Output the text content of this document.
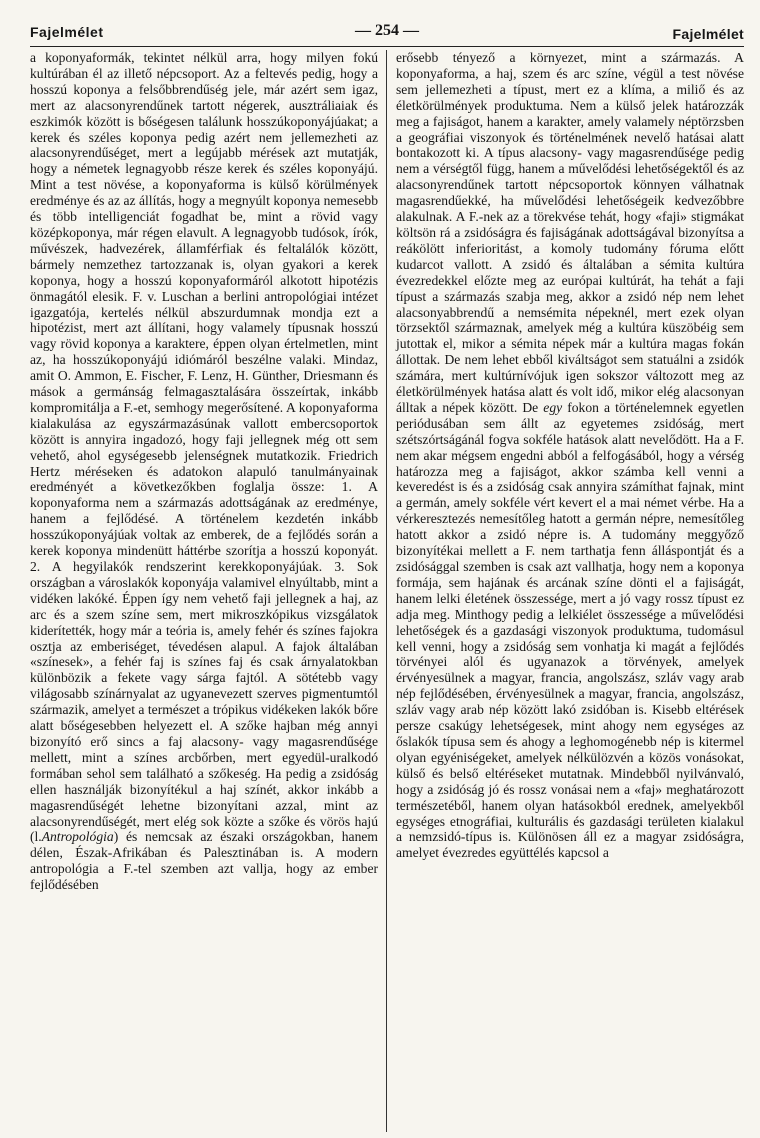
Fajelmélet	— 254 —	Fajelmélet

a koponyaformák, tekintet nélkül arra, hogy milyen fokú kultúrában él az illető népcsoport. Az a feltevés pedig, hogy a hosszú koponya a felsőbbrendűség jele, már azért sem igaz, mert az alacsonyrendűnek tartott négerek, ausztráliaiak és eszkimók között is bőségesen találunk hosszúkoponyájúakat; a kerek és széles koponya pedig azért nem jellemezheti az alacsonyrendűséget, mert a legújabb mérések azt mutatják, hogy a németek legnagyobb része kerek és széles koponyájú. Mint a test növése, a koponyaforma is külső körülmények eredménye és az az állítás, hogy a megnyúlt koponya nemesebb és több intelligenciát fogadhat be, mint a rövid vagy középkoponya, már régen elavult. A legnagyobb tudósok, írók, művészek, hadvezérek, államférfiak és feltalálók között, bármely nemzethez tartozzanak is, olyan gyakori a kerek koponya, hogy a hosszú koponyaformáról alkotott hipotézis önmagától elesik. F. v. Luschan a berlini antropológiai intézet igazgatója, kertelés nélkül abszurdumnak mondja ezt a hipotézist, mert azt állítani, hogy valamely típusnak hosszú vagy rövid koponya a karaktere, éppen olyan értelmetlen, mint az, ha hosszúkoponyájú idiómáról beszélne valaki. Mindaz, amit O. Ammon, E. Fischer, F. Lenz, H. Günther, Driesmann és mások a germánság felmagasztalására összeírtak, inkább kompromitálja a F.-et, semhogy megerősítené. A koponyaforma kialakulása az egyszármazásúnak vallott embercsoportok között is annyira ingadozó, hogy faji jellegnek még ott sem vehető, ahol egységesebb jelenségnek mutatkozik. Friedrich Hertz méréseken és adatokon alapuló tanulmányainak eredményét a következőkben foglalja össze: 1. A koponyaforma nem a származás adottságának az eredménye, hanem a fejlődésé. A történelem kezdetén inkább hosszúkoponyájúak voltak az emberek, de a fejlődés során a kerek koponya mindenütt háttérbe szorítja a hosszú koponyát. 2. A hegyilakók rendszerint kerekkoponyájúak. 3. Sok országban a városlakók koponyája valamivel elnyúltabb, mint a vidéken lakóké. Éppen így nem vehető faji jellegnek a haj, az arc és a szem színe sem, mert mikroszkópikus vizsgálatok kiderítették, hogy már a teória is, amely fehér és színes fajokra osztja az emberiséget, tévedésen alapul. A fajok általában «színesek», a fehér faj is színes faj és csak árnyalatokban különbözik a fekete vagy sárga fajtól. A sötétebb vagy világosabb színárnyalat az ugyanevezett szerves pigmentumtól származik, amelyet a természet a trópikus vidékeken lakók bőre alatt bőségesebben helyezett el. A szőke hajban még annyi bizonyító erő sincs a faj alacsony- vagy magasrendűsége mellett, mint a színes arcbőrben, mert egyedül-uralkodó formában sehol sem található a szőkeség. Ha pedig a zsidóság ellen használják bizonyítékul a haj színét, akkor inkább a magasrendűségét lehetne bizonyítani azzal, mint az alacsonyrendűségét, mert elég sok közte a szőke és vörös hajú (l.Antropológia) és nemcsak az északi országokban, hanem délen, Észak-Afrikában és Palesztinában is. A modern antropológia a F.-tel szemben azt vallja, hogy az ember fejlődésében

erősebb tényező a környezet, mint a származás. A koponyaforma, a haj, szem és arc színe, végül a test növése sem jellemezheti a típust, mert ez a klíma, a miliő és az életkörülmények produktuma. Nem a külső jelek határozzák meg a fajiságot, hanem a karakter, amely valamely néptörzsben a geográfiai viszonyok és történelmének nevelő hatásai alatt bontakozott ki. A típus alacsony- vagy magasrendűsége pedig nem a vérségtől függ, hanem a művelődési lehetőségektől és az alacsonyrendűnek tartott népcsoportok könnyen válhatnak magasrendűekké, ha művelődési lehetőségeik kedvezőbbre alakulnak. A F.-nek az a törekvése tehát, hogy «faji» stigmákat költsön rá a zsidóságra és fajiságának adottságával bizonyítsa a reákölött inferioritást, a komoly tudomány fóruma előtt kudarcot vallott. A zsidó és általában a sémita kultúra évezredekkel előzte meg az európai kultúrát, ha tehát a faji típust a származás szabja meg, akkor a zsidó nép nem lehet alacsonyabbrendű a nemsémita népeknél, mert ezek olyan törzsektől származnak, amelyek még a kultúra küszöbéig sem jutottak el, mikor a sémita népek már a kultúra magas fokán állottak. De nem lehet ebből kiváltságot sem statuálni a zsidók számára, mert kultúrnívójuk igen sokszor változott meg az életkörülmények hatása alatt és volt idő, mikor elég alacsonyan álltak a népek között. De egy fokon a történelemnek egyetlen periódusában sem állt az egyetemes zsidóság, mert szétszórtságánál fogva sokféle hatások alatt nevelődött. Ha a F. nem akar mégsem engedni abból a felfogásából, hogy a vérség határozza meg a fajiságot, akkor számba kell venni a keveredést is és a zsidóság csak annyira számíthat fajnak, mint a germán, amely sokféle vért kevert el a mai német vérbe. Ha a vérkeresztezés nemesítőleg hatott a germán népre, nemesítőleg hatott akkor a zsidó népre is. A tudomány meggyőző bizonyítékai mellett a F. nem tarthatja fenn álláspontját és a zsidósággal szemben is csak azt vallhatja, hogy nem a koponya formája, sem hajának és arcának színe dönti el a fajiságát, hanem lelki életének összessége, mert a jó vagy rossz típust ez adja meg. Minthogy pedig a lelkiélet összessége a művelődési lehetőségek és a gazdasági viszonyok produktuma, tudomásul kell venni, hogy a zsidóság sem vonhatja ki magát a fejlődés törvényei alól és ugyanazok a törvények, amelyek érvényesülnek a magyar, francia, angolszász, szláv vagy arab nép fejlődésében, érvényesülnek a magyar, francia, angolszász, szláv vagy arab nép között lakó zsidóban is. Kisebb eltérések persze csakúgy lehetségesek, mint ahogy nem egységes az őslakók típusa sem és ahogy a leghomogénebb nép is kitermel olyan egyéniségeket, amelyek nélkülözvén a közös vonásokat, külső és belső eltéréseket mutatnak. Mindebből nyilvánvaló, hogy a zsidóság jó és rossz vonásai nem a «faj» meghatározott természetéből, hanem olyan hatásokból erednek, amelyekből egységes etnográfiai, kulturális és gazdasági területen kialakul a nemzsidó-típus is. Különösen áll ez a magyar zsidóságra, amelyet évezredes együttélés kapcsol a
